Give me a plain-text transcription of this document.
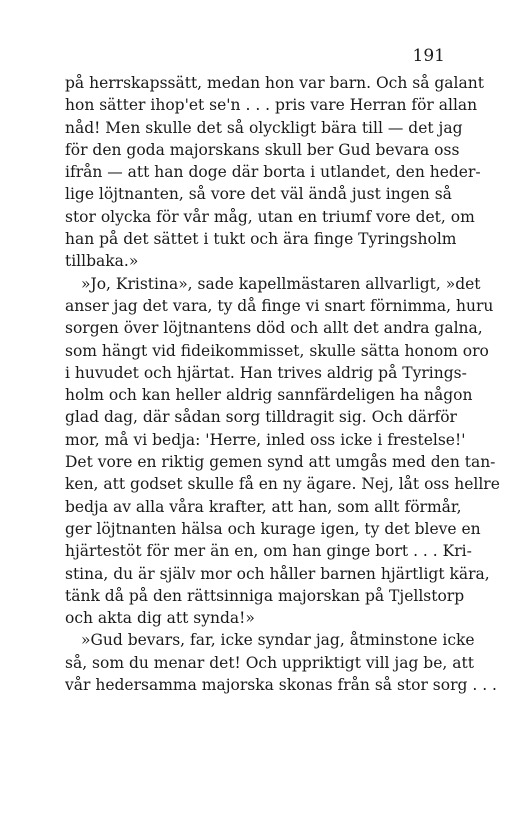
191
på herrskapssätt, medan hon var barn. Och så galant
hon sätter ihop'et se'n . . . pris vare Herran för allan
nåd! Men skulle det så olyckligt bära till — det jag
för den goda majorskans skull ber Gud bevara oss
ifrån — att han doge där borta i utlandet, den heder-
lige löjtnanten, så vore det väl ändå just ingen så
stor olycka för vår måg, utan en triumf vore det, om
han på det sättet i tukt och ära finge Tyringsholm
tillbaka.»
»Jo, Kristina», sade kapellmästaren allvarligt, »det
anser jag det vara, ty då finge vi snart förnimma, huru
sorgen över löjtnantens död och allt det andra galna,
som hängt vid fideikommisset, skulle sätta honom oro
i huvudet och hjärtat. Han trives aldrig på Tyrings-
holm och kan heller aldrig sannfärdeligen ha någon
glad dag, där sådan sorg tilldragit sig. Och därför
mor, må vi bedja: 'Herre, inled oss icke i frestelse!'
Det vore en riktig gemen synd att umgås med den tan-
ken, att godset skulle få en ny ägare. Nej, låt oss hellre
bedja av alla våra krafter, att han, som allt förmår,
ger löjtnanten hälsa och kurage igen, ty det bleve en
hjärtestöt för mer än en, om han ginge bort . . . Kri-
stina, du är själv mor och håller barnen hjärtligt kära,
tänk då på den rättsinniga majorskan på Tjellstorp
och akta dig att synda!»
»Gud bevars, far, icke syndar jag, åtminstone icke
så, som du menar det! Och uppriktigt vill jag be, att
vår hedersamma majorska skonas från så stor sorg . . .
